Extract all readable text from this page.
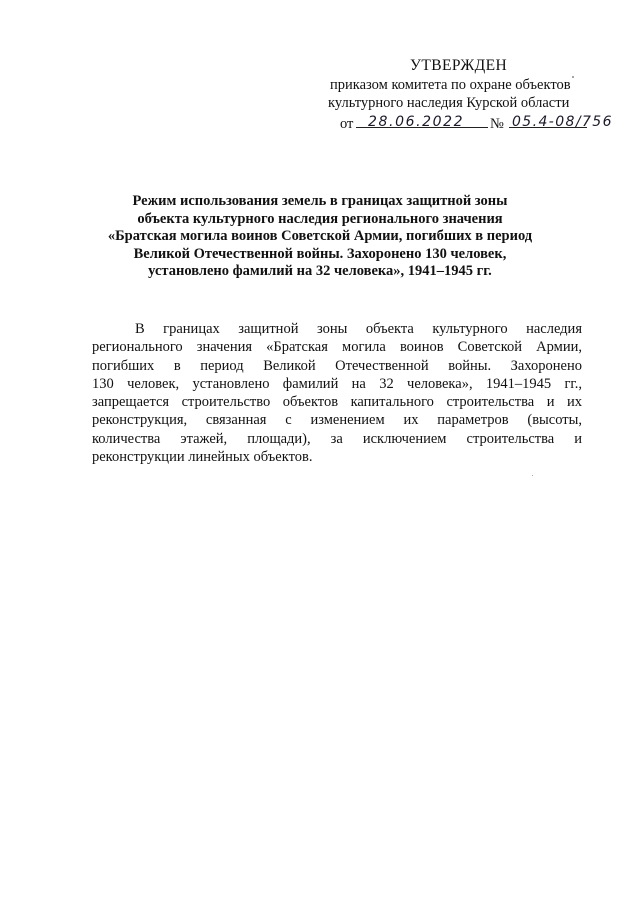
УТВЕРЖДЕН
приказом комитета по охране объектов
культурного наследия Курской области
от 28.06.2022 № 05.4-08/756
Режим использования земель в границах защитной зоны
объекта культурного наследия регионального значения
«Братская могила воинов Советской Армии, погибших в период
Великой Отечественной войны. Захоронено 130 человек,
установлено фамилий на 32 человека», 1941–1945 гг.
В границах защитной зоны объекта культурного наследия
регионального значения «Братская могила воинов Советской Армии,
погибших в период Великой Отечественной войны. Захоронено
130 человек, установлено фамилий на 32 человека», 1941–1945 гг.,
запрещается строительство объектов капитального строительства и их
реконструкция, связанная с изменением их параметров (высоты,
количества этажей, площади), за исключением строительства и
реконструкции линейных объектов.
